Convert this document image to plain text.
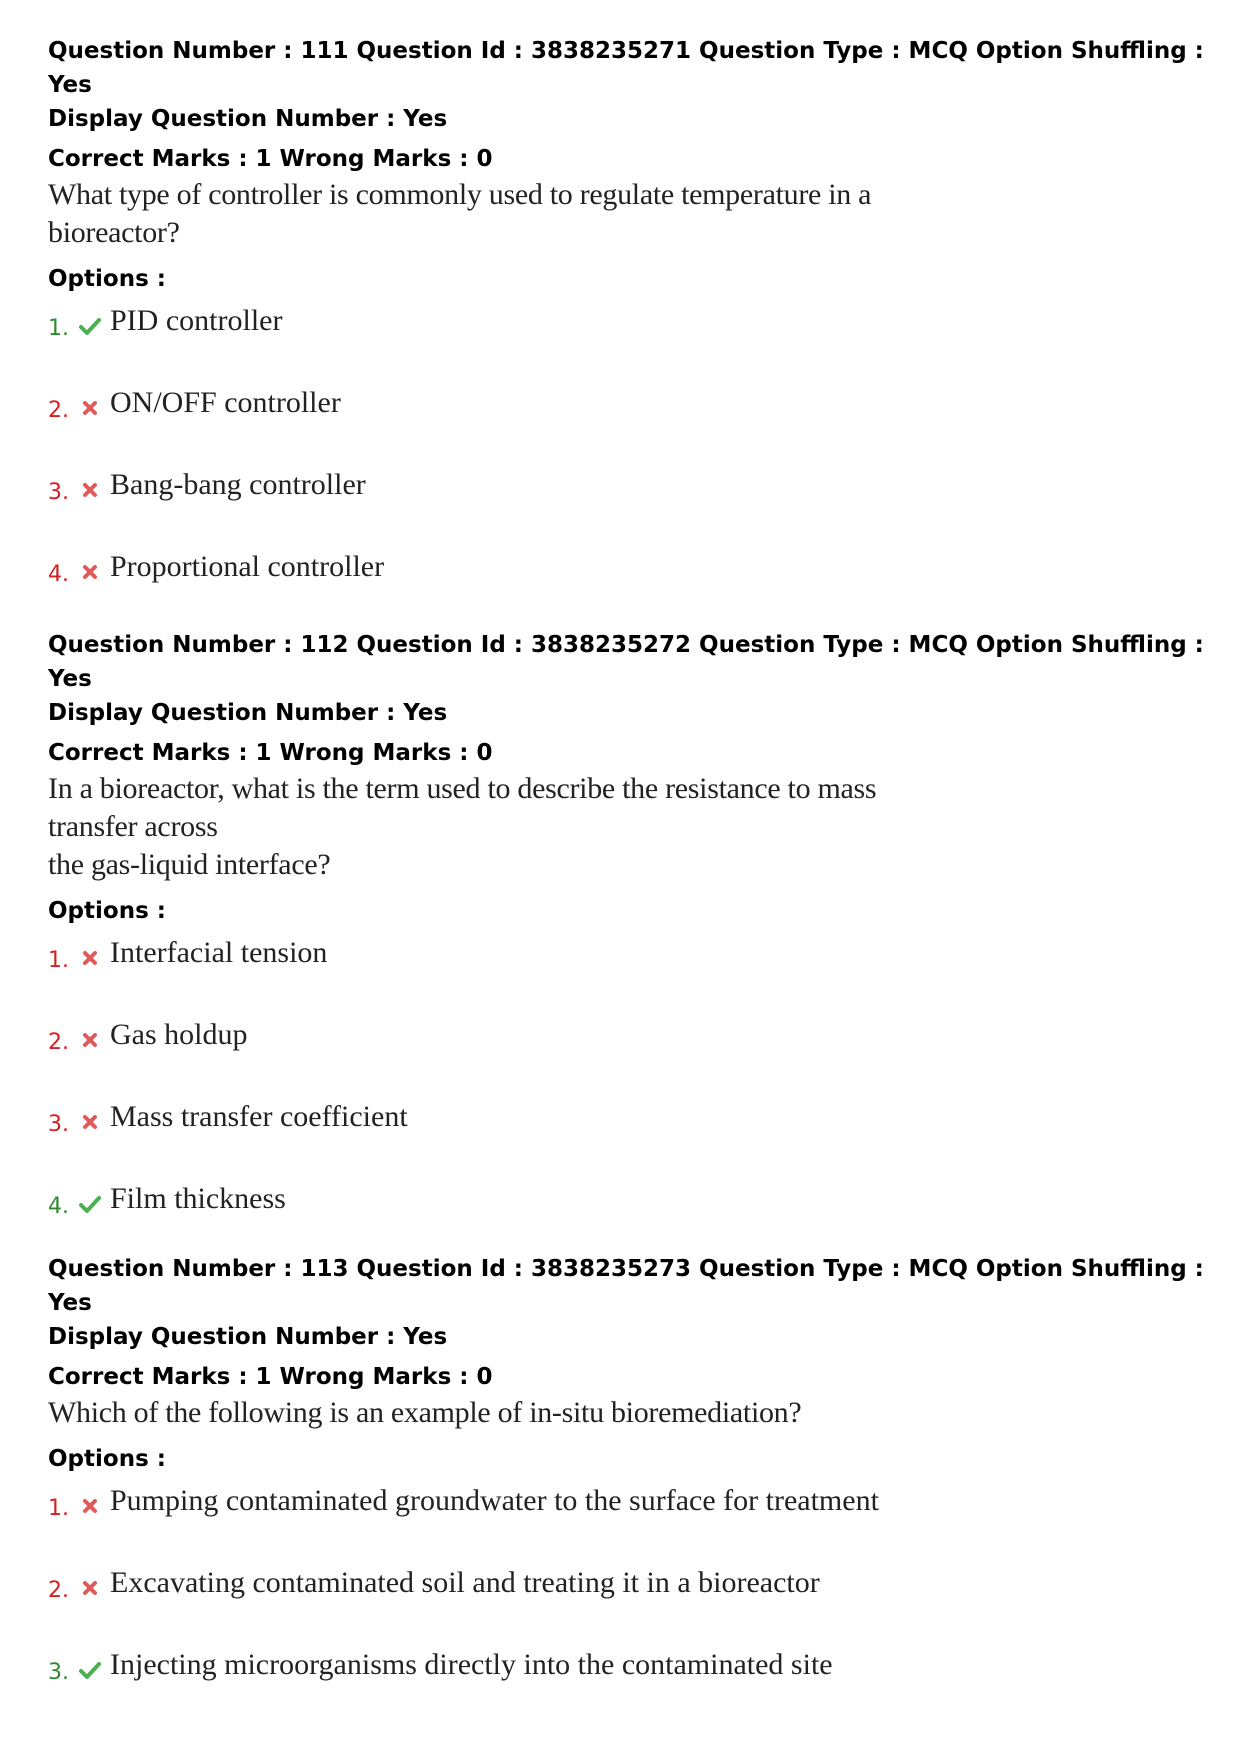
Question Number : 111 Question Id : 3838235271 Question Type : MCQ Option Shuffling : Yes

Display Question Number : Yes

Correct Marks : 1 Wrong Marks : 0

What type of controller is commonly used to regulate temperature in a bioreactor?

Options :

1. PID controller
2. ON/OFF controller
3. Bang-bang controller
4. Proportional controller

Question Number : 112 Question Id : 3838235272 Question Type : MCQ Option Shuffling : Yes

Display Question Number : Yes

Correct Marks : 1 Wrong Marks : 0

In a bioreactor, what is the term used to describe the resistance to mass transfer across
the gas-liquid interface?

Options :

1. Interfacial tension
2. Gas holdup
3. Mass transfer coefficient
4. Film thickness

Question Number : 113 Question Id : 3838235273 Question Type : MCQ Option Shuffling : Yes

Display Question Number : Yes

Correct Marks : 1 Wrong Marks : 0

Which of the following is an example of in-situ bioremediation?

Options :

1. Pumping contaminated groundwater to the surface for treatment
2. Excavating contaminated soil and treating it in a bioreactor
3. Injecting microorganisms directly into the contaminated site
